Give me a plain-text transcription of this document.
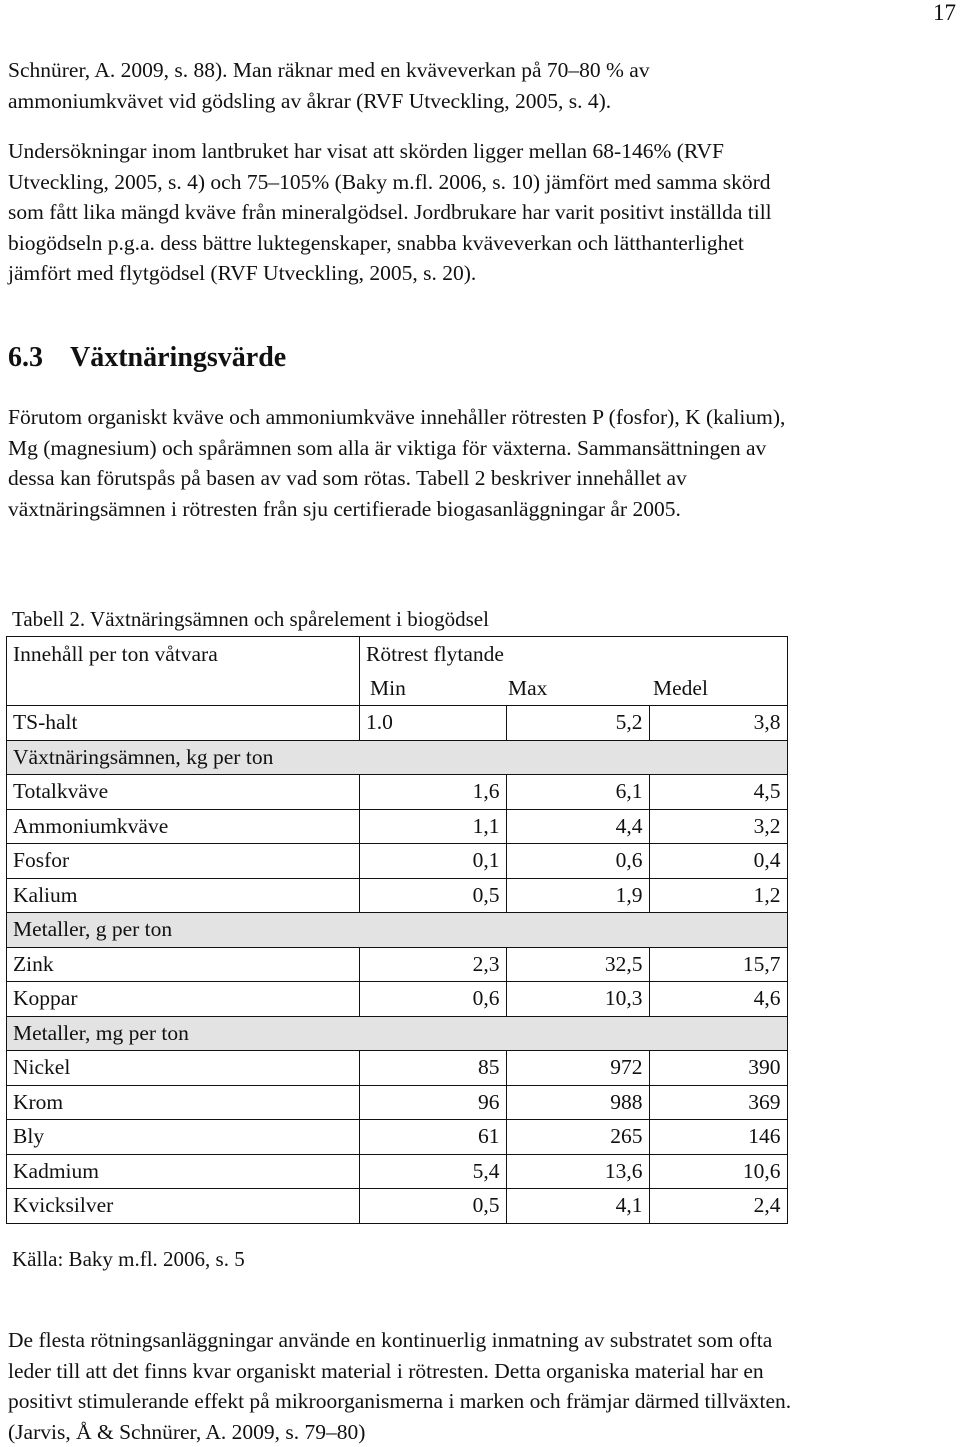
17

Schnürer, A. 2009, s. 88). Man räknar med en kväveverkan på 70‒80 % av
ammoniumkvävet vid gödsling av åkrar (RVF Utveckling, 2005, s. 4).

Undersökningar inom lantbruket har visat att skörden ligger mellan 68-146% (RVF
Utveckling, 2005, s. 4) och 75‒105% (Baky m.fl. 2006, s. 10) jämfört med samma skörd
som fått lika mängd kväve från mineralgödsel. Jordbrukare har varit positivt inställda till
biogödseln p.g.a. dess bättre luktegenskaper, snabba kväveverkan och lätthanterlighet
jämfört med flytgödsel (RVF Utveckling, 2005, s. 20).

6.3 Växtnäringsvärde

Förutom organiskt kväve och ammoniumkväve innehåller rötresten P (fosfor), K (kalium),
Mg (magnesium) och spårämnen som alla är viktiga för växterna. Sammansättningen av
dessa kan förutspås på basen av vad som rötas. Tabell 2 beskriver innehållet av
växtnäringsämnen i rötresten från sju certifierade biogasanläggningar år 2005.

Tabell 2. Växtnäringsämnen och spårelement i biogödsel
Innehåll per ton våtvara	Rötrest flytande		
	Min	Max	Medel
TS-halt	1.0	5,2	3,8
Växtnäringsämnen, kg per ton			
Totalkväve	1,6	6,1	4,5
Ammoniumkväve	1,1	4,4	3,2
Fosfor	0,1	0,6	0,4
Kalium	0,5	1,9	1,2
Metaller, g per ton			
Zink	2,3	32,5	15,7
Koppar	0,6	10,3	4,6
Metaller, mg per ton			
Nickel	85	972	390
Krom	96	988	369
Bly	61	265	146
Kadmium	5,4	13,6	10,6
Kvicksilver	0,5	4,1	2,4
Källa: Baky m.fl. 2006, s. 5

De flesta rötningsanläggningar använde en kontinuerlig inmatning av substratet som ofta
leder till att det finns kvar organiskt material i rötresten. Detta organiska material har en
positivt stimulerande effekt på mikroorganismerna i marken och främjar därmed tillväxten.
(Jarvis, Å & Schnürer, A. 2009, s. 79‒80)
